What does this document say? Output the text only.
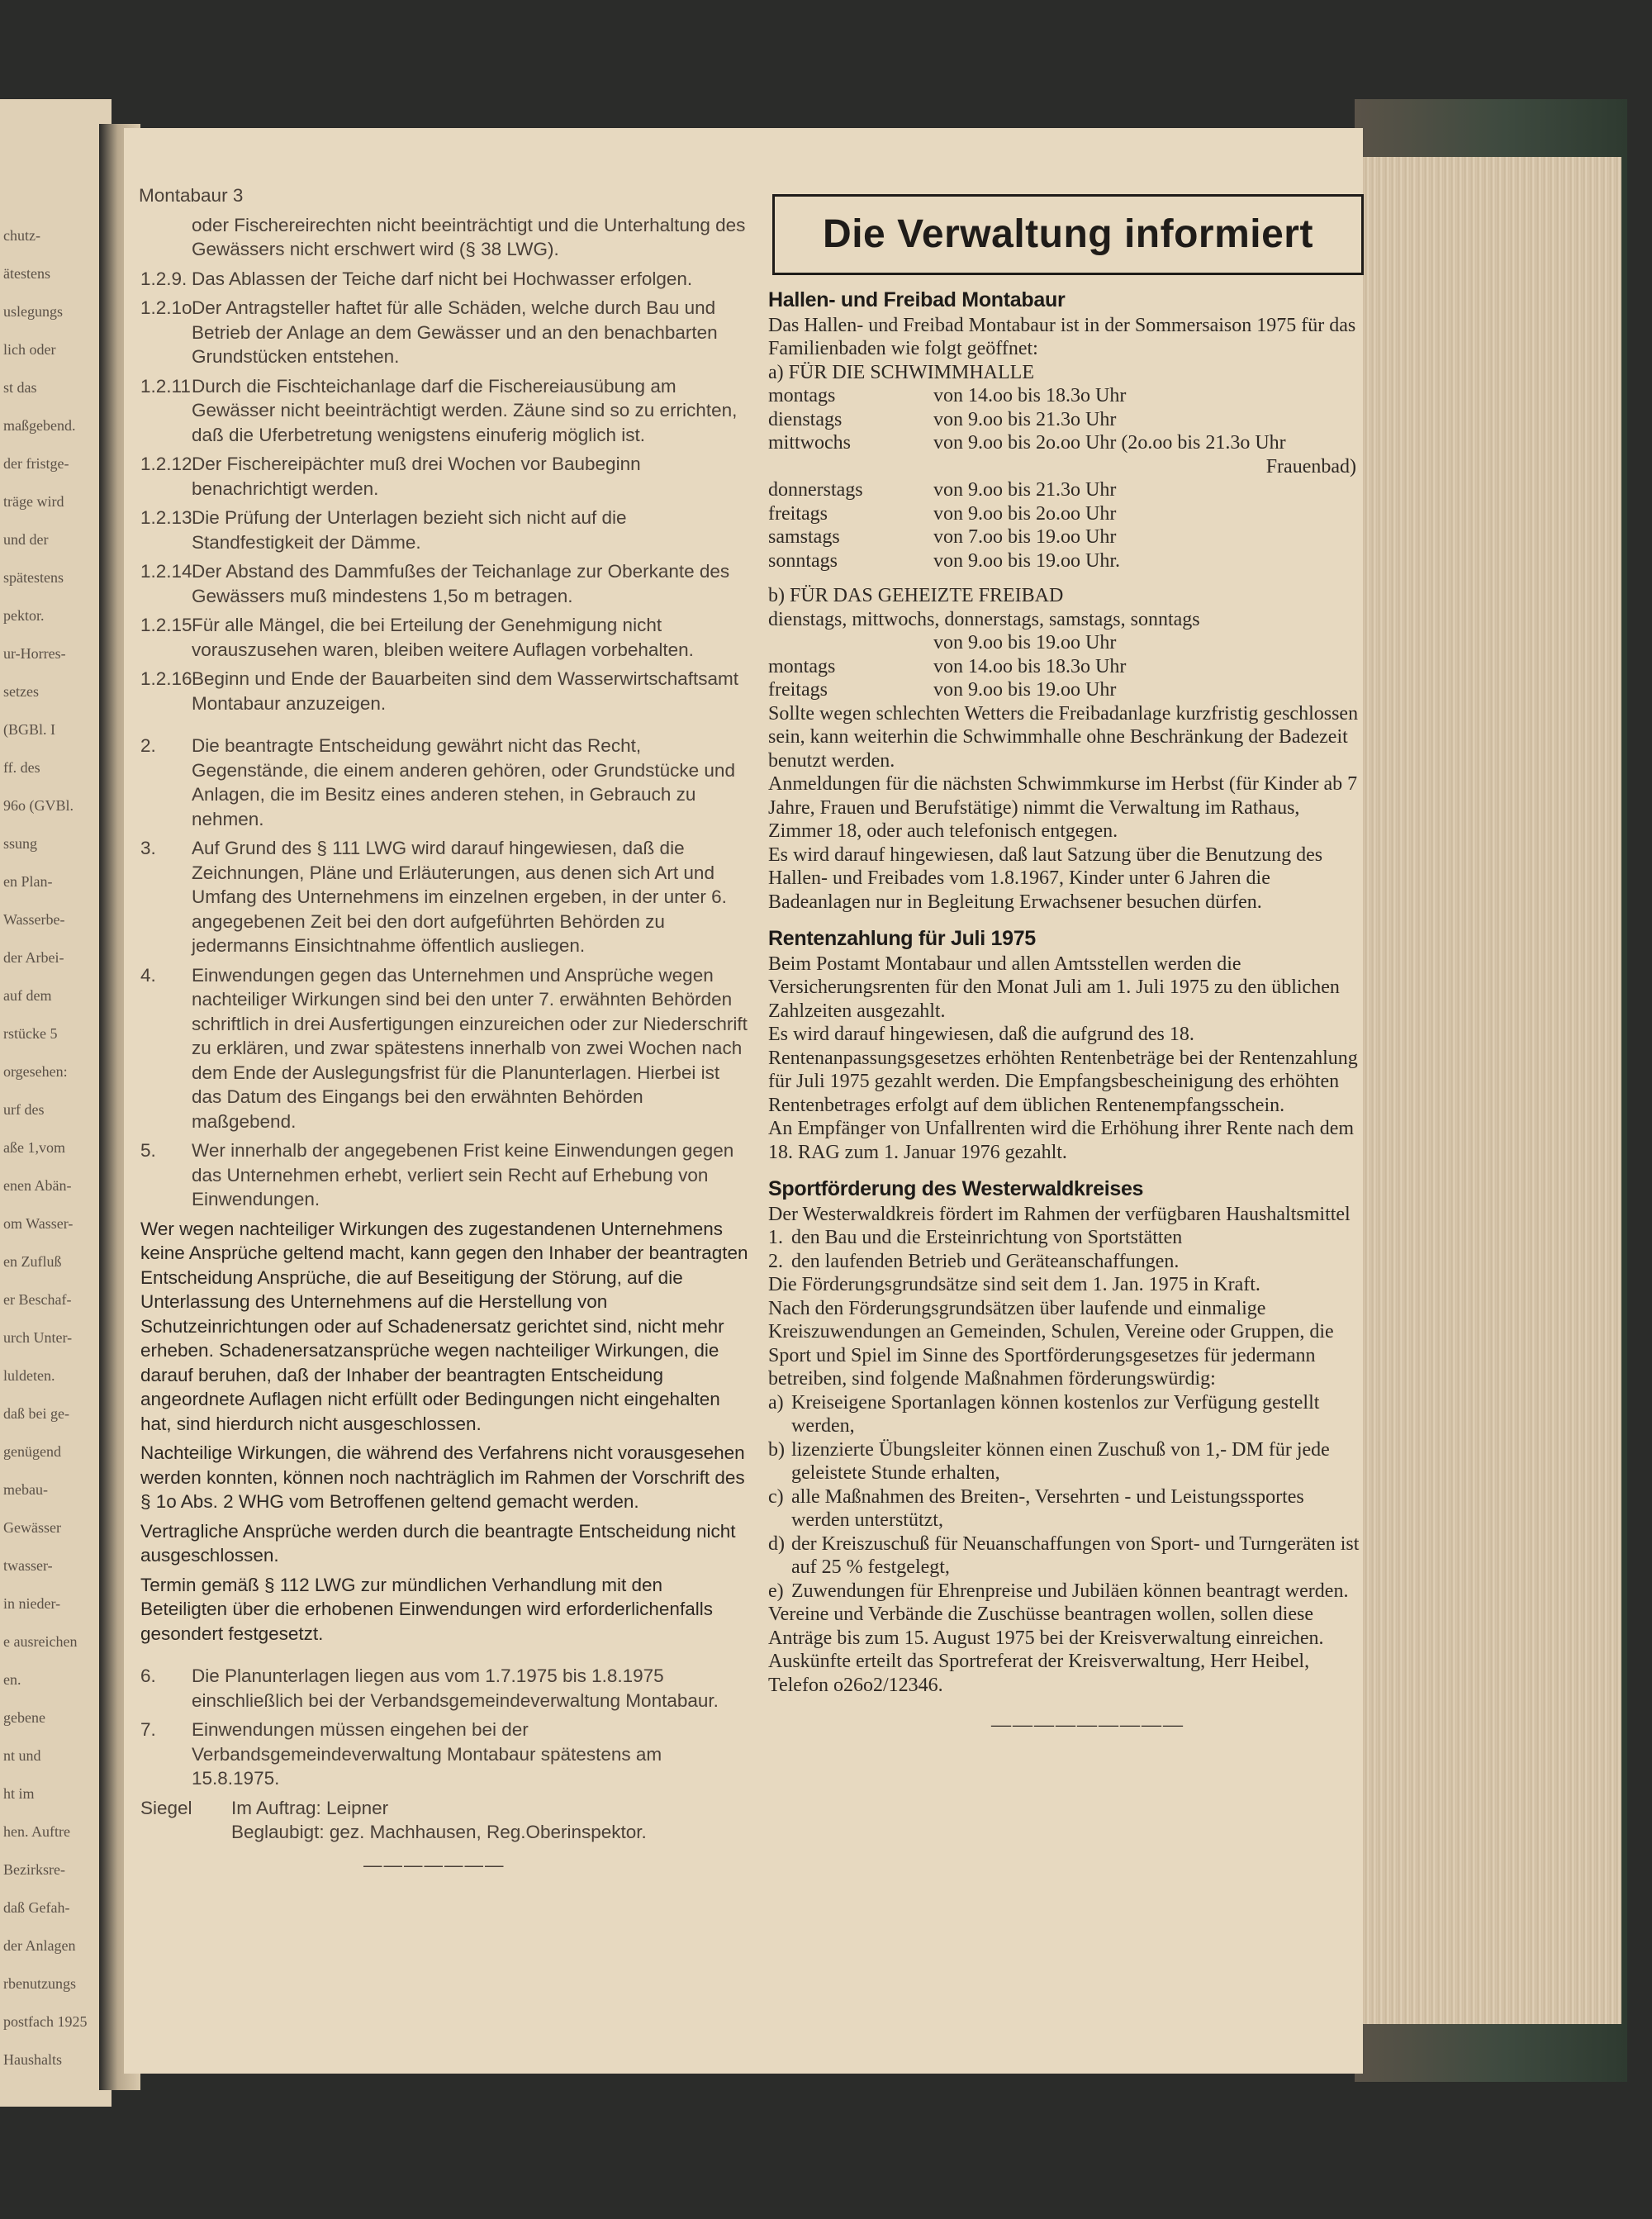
chutz-
ätestens
uslegungs
lich oder
st das
maßgebend.
der fristge-
träge wird
und der
spätestens
pektor.
ur-Horres-
setzes
(BGBl. I
ff. des
96o (GVBl.
ssung
en Plan-
Wasserbe-
der Arbei-
auf dem
rstücke 5
orgesehen:
urf des
aße 1,vom
enen Abän-
om Wasser-
en Zufluß
er Beschaf-
urch Unter-
luldeten.
daß bei ge-
genügend
mebau-
Gewässer
twasser-
in nieder-
e ausreichen
en.
gebene
nt und
ht im
hen. Auftre
Bezirksre-
daß Gefah-
der Anlagen
rbenutzungs
postfach 1925
Haushalts

Montabaur 3

oder Fischereirechten nicht beeinträchtigt und die Unterhaltung des Gewässers nicht erschwert wird (§ 38 LWG).

1.2.9. Das Ablassen der Teiche darf nicht bei Hochwasser erfolgen.

1.2.1o Der Antragsteller haftet für alle Schäden, welche durch Bau und Betrieb der Anlage an dem Gewässer und an den benachbarten Grundstücken entstehen.

1.2.11 Durch die Fischteichanlage darf die Fischereiausübung am Gewässer nicht beeinträchtigt werden. Zäune sind so zu errichten, daß die Uferbetretung wenigstens einuferig möglich ist.

1.2.12.
Der Fischereipächter muß drei Wochen vor Baubeginn benachrichtigt werden.

1.2.13 Die Prüfung der Unterlagen bezieht sich nicht auf die Standfestigkeit der Dämme.

1.2.14 Der Abstand des Dammfußes der Teichanlage zur Oberkante des Gewässers muß mindestens 1,5o m betragen.

1.2.15 Für alle Mängel, die bei Erteilung der Genehmigung nicht vorauszusehen waren, bleiben weitere Auflagen vorbehalten.

1.2.16 Beginn und Ende der Bauarbeiten sind dem Wasserwirtschaftsamt Montabaur anzuzeigen.

2.	Die beantragte Entscheidung gewährt nicht das Recht, Gegenstände, die einem anderen gehören, oder Grundstücke und Anlagen, die im Besitz eines anderen stehen, in Gebrauch zu nehmen.

3.	Auf Grund des § 111 LWG wird darauf hingewiesen, daß die Zeichnungen, Pläne und Erläuterungen, aus denen sich Art und Umfang des Unternehmens im einzelnen ergeben, in der unter 6. angegebenen Zeit bei den dort aufgeführten Behörden zu jedermanns Einsichtnahme öffentlich ausliegen.

4.	Einwendungen gegen das Unternehmen und Ansprüche wegen nachteiliger Wirkungen sind bei den unter 7. erwähnten Behörden schriftlich in drei Ausfertigungen einzureichen oder zur Niederschrift zu erklären, und zwar spätestens innerhalb von zwei Wochen nach dem Ende der Auslegungsfrist für die Planunterlagen. Hierbei ist das Datum des Eingangs bei den erwähnten Behörden maßgebend.

5.	Wer innerhalb der angegebenen Frist keine Einwendungen gegen das Unternehmen erhebt, verliert sein Recht auf Erhebung von Einwendungen.

Wer wegen nachteiliger Wirkungen des zugestandenen Unternehmens keine Ansprüche geltend macht, kann gegen den Inhaber der beantragten Entscheidung Ansprüche, die auf Beseitigung der Störung, auf die Unterlassung des Unternehmens auf die Herstellung von Schutzeinrichtungen oder auf Schadenersatz gerichtet sind, nicht mehr erheben. Schadenersatzansprüche wegen nachteiliger Wirkungen, die darauf beruhen, daß der Inhaber der beantragten Entscheidung angeordnete Auflagen nicht erfüllt oder Bedingungen nicht eingehalten hat, sind hierdurch nicht ausgeschlossen.

Nachteilige Wirkungen, die während des Verfahrens nicht vorausgesehen werden konnten, können noch nachträglich im Rahmen der Vorschrift des § 1o Abs. 2 WHG vom Betroffenen geltend gemacht werden.

Vertragliche Ansprüche werden durch die beantragte Entscheidung nicht ausgeschlossen.

Termin gemäß § 112 LWG zur mündlichen Verhandlung mit den Beteiligten über die erhobenen Einwendungen wird erforderlichenfalls gesondert festgesetzt.

6.	Die Planunterlagen liegen aus vom 1.7.1975 bis 1.8.1975 einschließlich bei der Verbandsgemeindeverwaltung Montabaur.

7.	Einwendungen müssen eingehen bei der Verbandsgemeindeverwaltung Montabaur spätestens am 15.8.1975.

Siegel	Im Auftrag: Leipner

Beglaubigt: gez. Machhausen, Reg.Oberinspektor.

———————

Die Verwaltung informiert
Hallen- und Freibad Montabaur

Das Hallen- und Freibad Montabaur ist in der Sommersaison 1975 für das Familienbaden wie folgt geöffnet:

a) FÜR DIE SCHWIMMHALLE

montags	von 14.oo bis 18.3o Uhr
dienstags	von 9.oo bis 21.3o Uhr
mittwochs	von 9.oo bis 2o.oo Uhr (2o.oo bis 21.3o Uhr
Frauenbad)
donnerstags	von 9.oo bis 21.3o Uhr
freitags	von 9.oo bis 2o.oo Uhr
samstags	von 7.oo bis 19.oo Uhr
sonntags	von 9.oo bis 19.oo Uhr.

b) FÜR DAS GEHEIZTE FREIBAD

dienstags, mittwochs, donnerstags, samstags, sonntags

von 9.oo bis 19.oo Uhr
montags	von 14.oo bis 18.3o Uhr
freitags	von 9.oo bis 19.oo Uhr

Sollte wegen schlechten Wetters die Freibadanlage kurzfristig geschlossen sein, kann weiterhin die Schwimmhalle ohne Beschränkung der Badezeit benutzt werden.

Anmeldungen für die nächsten Schwimmkurse im Herbst (für Kinder ab 7 Jahre, Frauen und Berufstätige) nimmt die Verwaltung im Rathaus, Zimmer 18, oder auch telefonisch entgegen.

Es wird darauf hingewiesen, daß laut Satzung über die Benutzung des Hallen- und Freibades vom 1.8.1967, Kinder unter 6 Jahren die Badeanlagen nur in Begleitung Erwachsener besuchen dürfen.

Rentenzahlung für Juli 1975

Beim Postamt Montabaur und allen Amtsstellen werden die Versicherungsrenten für den Monat Juli am 1. Juli 1975 zu den üblichen Zahlzeiten ausgezahlt.

Es wird darauf hingewiesen, daß die aufgrund des 18. Rentenanpassungsgesetzes erhöhten Rentenbeträge bei der Rentenzahlung für Juli 1975 gezahlt werden. Die Empfangsbescheinigung des erhöhten Rentenbetrages erfolgt auf dem üblichen Rentenempfangsschein.

An Empfänger von Unfallrenten wird die Erhöhung ihrer Rente nach dem 18. RAG zum 1. Januar 1976 gezahlt.

Sportförderung des Westerwaldkreises

Der Westerwaldkreis fördert im Rahmen der verfügbaren Haushaltsmittel

1. den Bau und die Ersteinrichtung von Sportstätten
2. den laufenden Betrieb und Geräteanschaffungen.

Die Förderungsgrundsätze sind seit dem 1. Jan. 1975 in Kraft.

Nach den Förderungsgrundsätzen über laufende und einmalige Kreiszuwendungen an Gemeinden, Schulen, Vereine oder Gruppen, die Sport und Spiel im Sinne des Sportförderungsgesetzes für jedermann betreiben, sind folgende Maßnahmen förderungswürdig:

a) Kreiseigene Sportanlagen können kostenlos zur Verfügung gestellt werden,
b) lizenzierte Übungsleiter können einen Zuschuß von 1,- DM für jede geleistete Stunde erhalten,
c) alle Maßnahmen des Breiten-, Versehrten - und Leistungssportes werden unterstützt,
d) der Kreiszuschuß für Neuanschaffungen von Sport- und Turngeräten ist auf 25 % festgelegt,
e) Zuwendungen für Ehrenpreise und Jubiläen können beantragt werden.

Vereine und Verbände die Zuschüsse beantragen wollen, sollen diese Anträge bis zum 15. August 1975 bei der Kreisverwaltung einreichen.

Auskünfte erteilt das Sportreferat der Kreisverwaltung, Herr Heibel, Telefon o26o2/12346.

—————————
